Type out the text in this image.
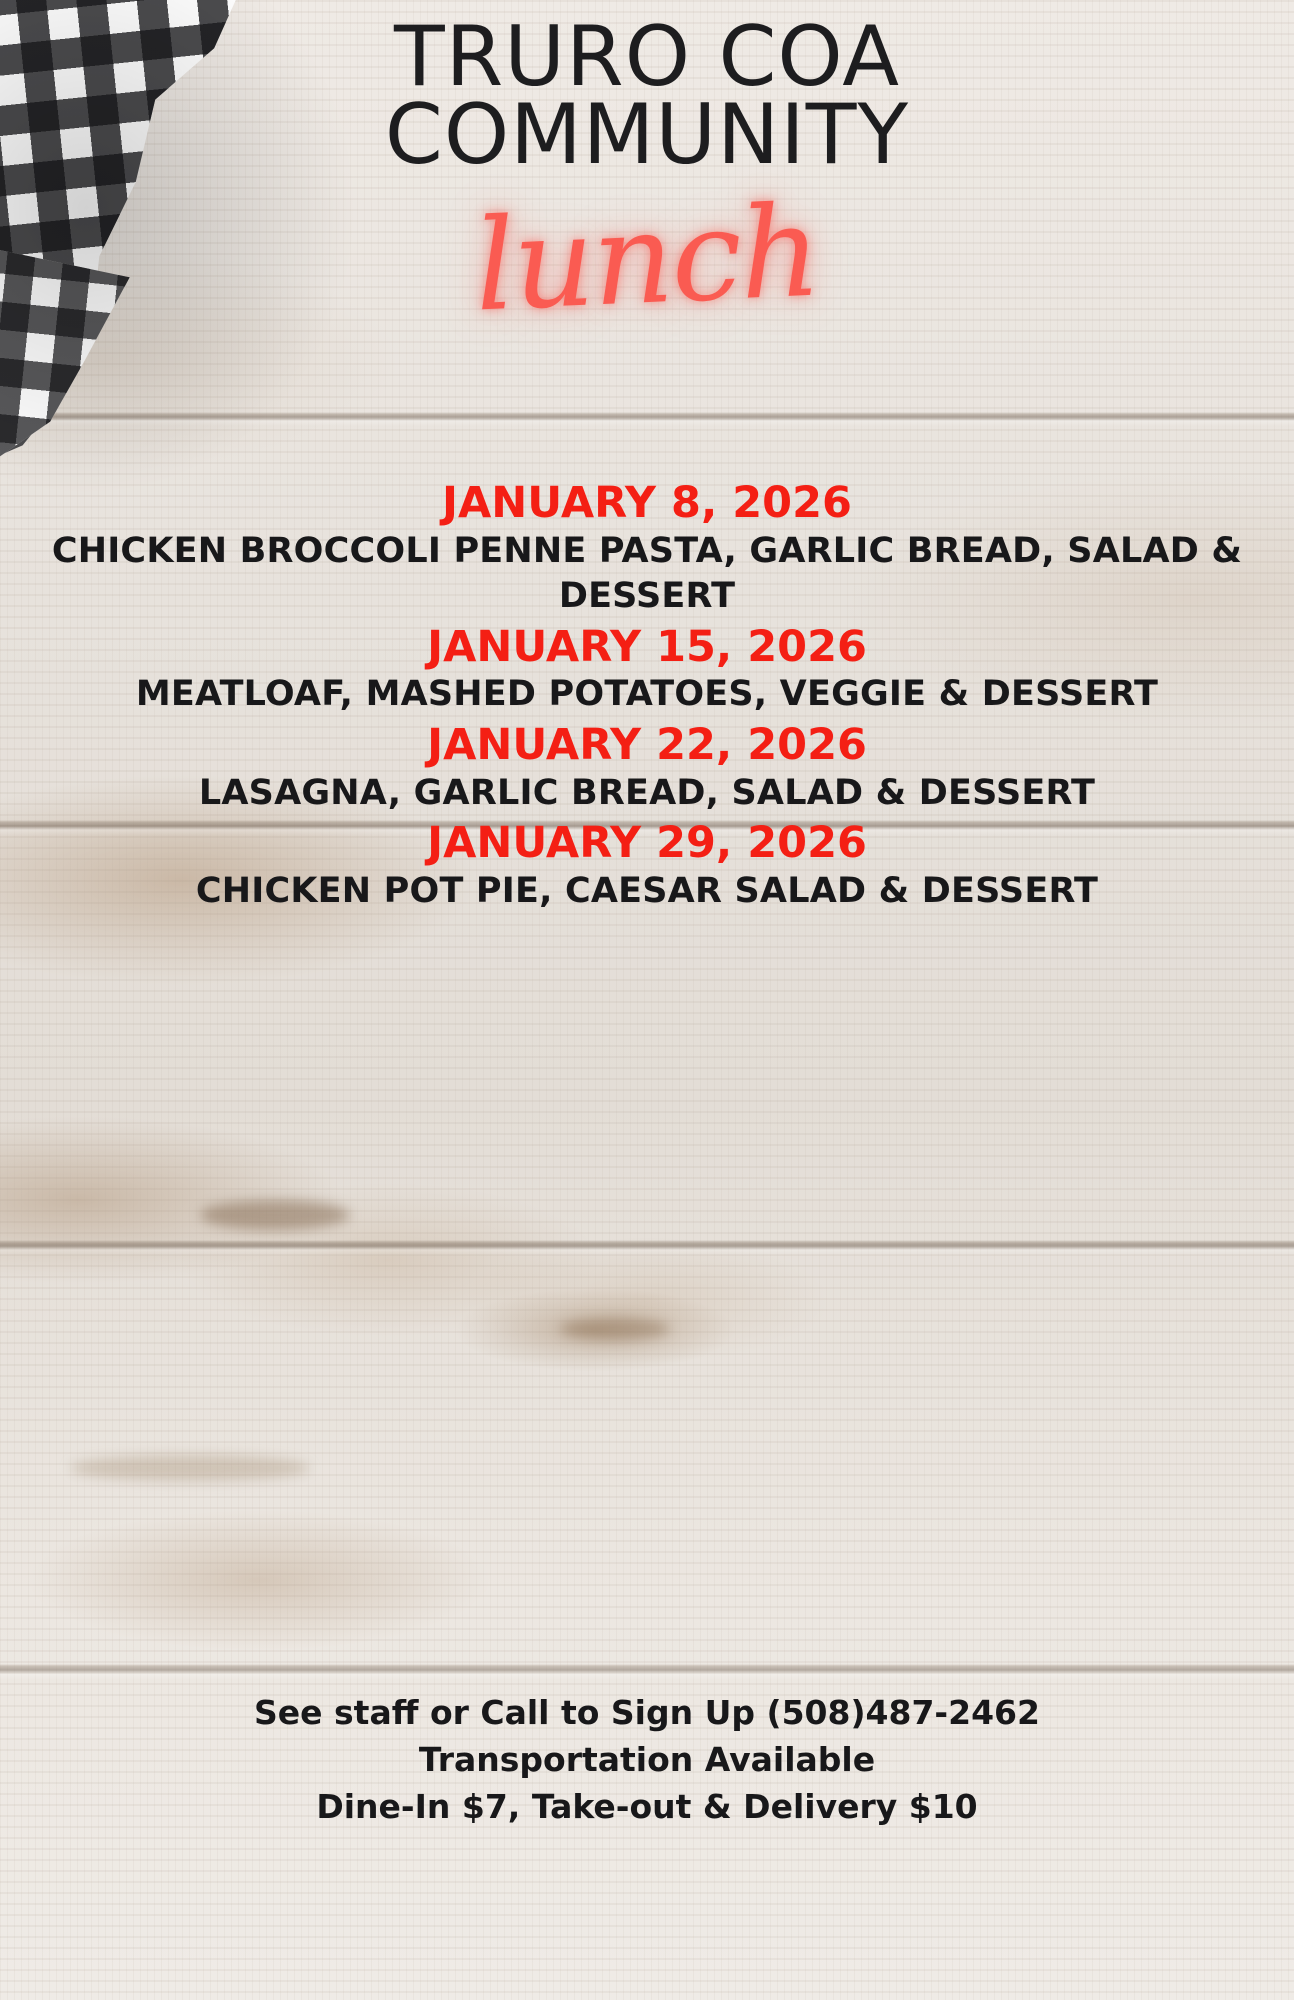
TRURO COA
COMMUNITY
lunch
JANUARY 8, 2026
CHICKEN BROCCOLI PENNE PASTA, GARLIC BREAD, SALAD & DESSERT
JANUARY 15, 2026
MEATLOAF, MASHED POTATOES, VEGGIE & DESSERT
JANUARY 22, 2026
LASAGNA, GARLIC BREAD, SALAD & DESSERT
JANUARY 29, 2026
CHICKEN POT PIE, CAESAR SALAD & DESSERT
See staff or Call to Sign Up (508)487-2462
Transportation Available
Dine-In $7, Take-out & Delivery $10
